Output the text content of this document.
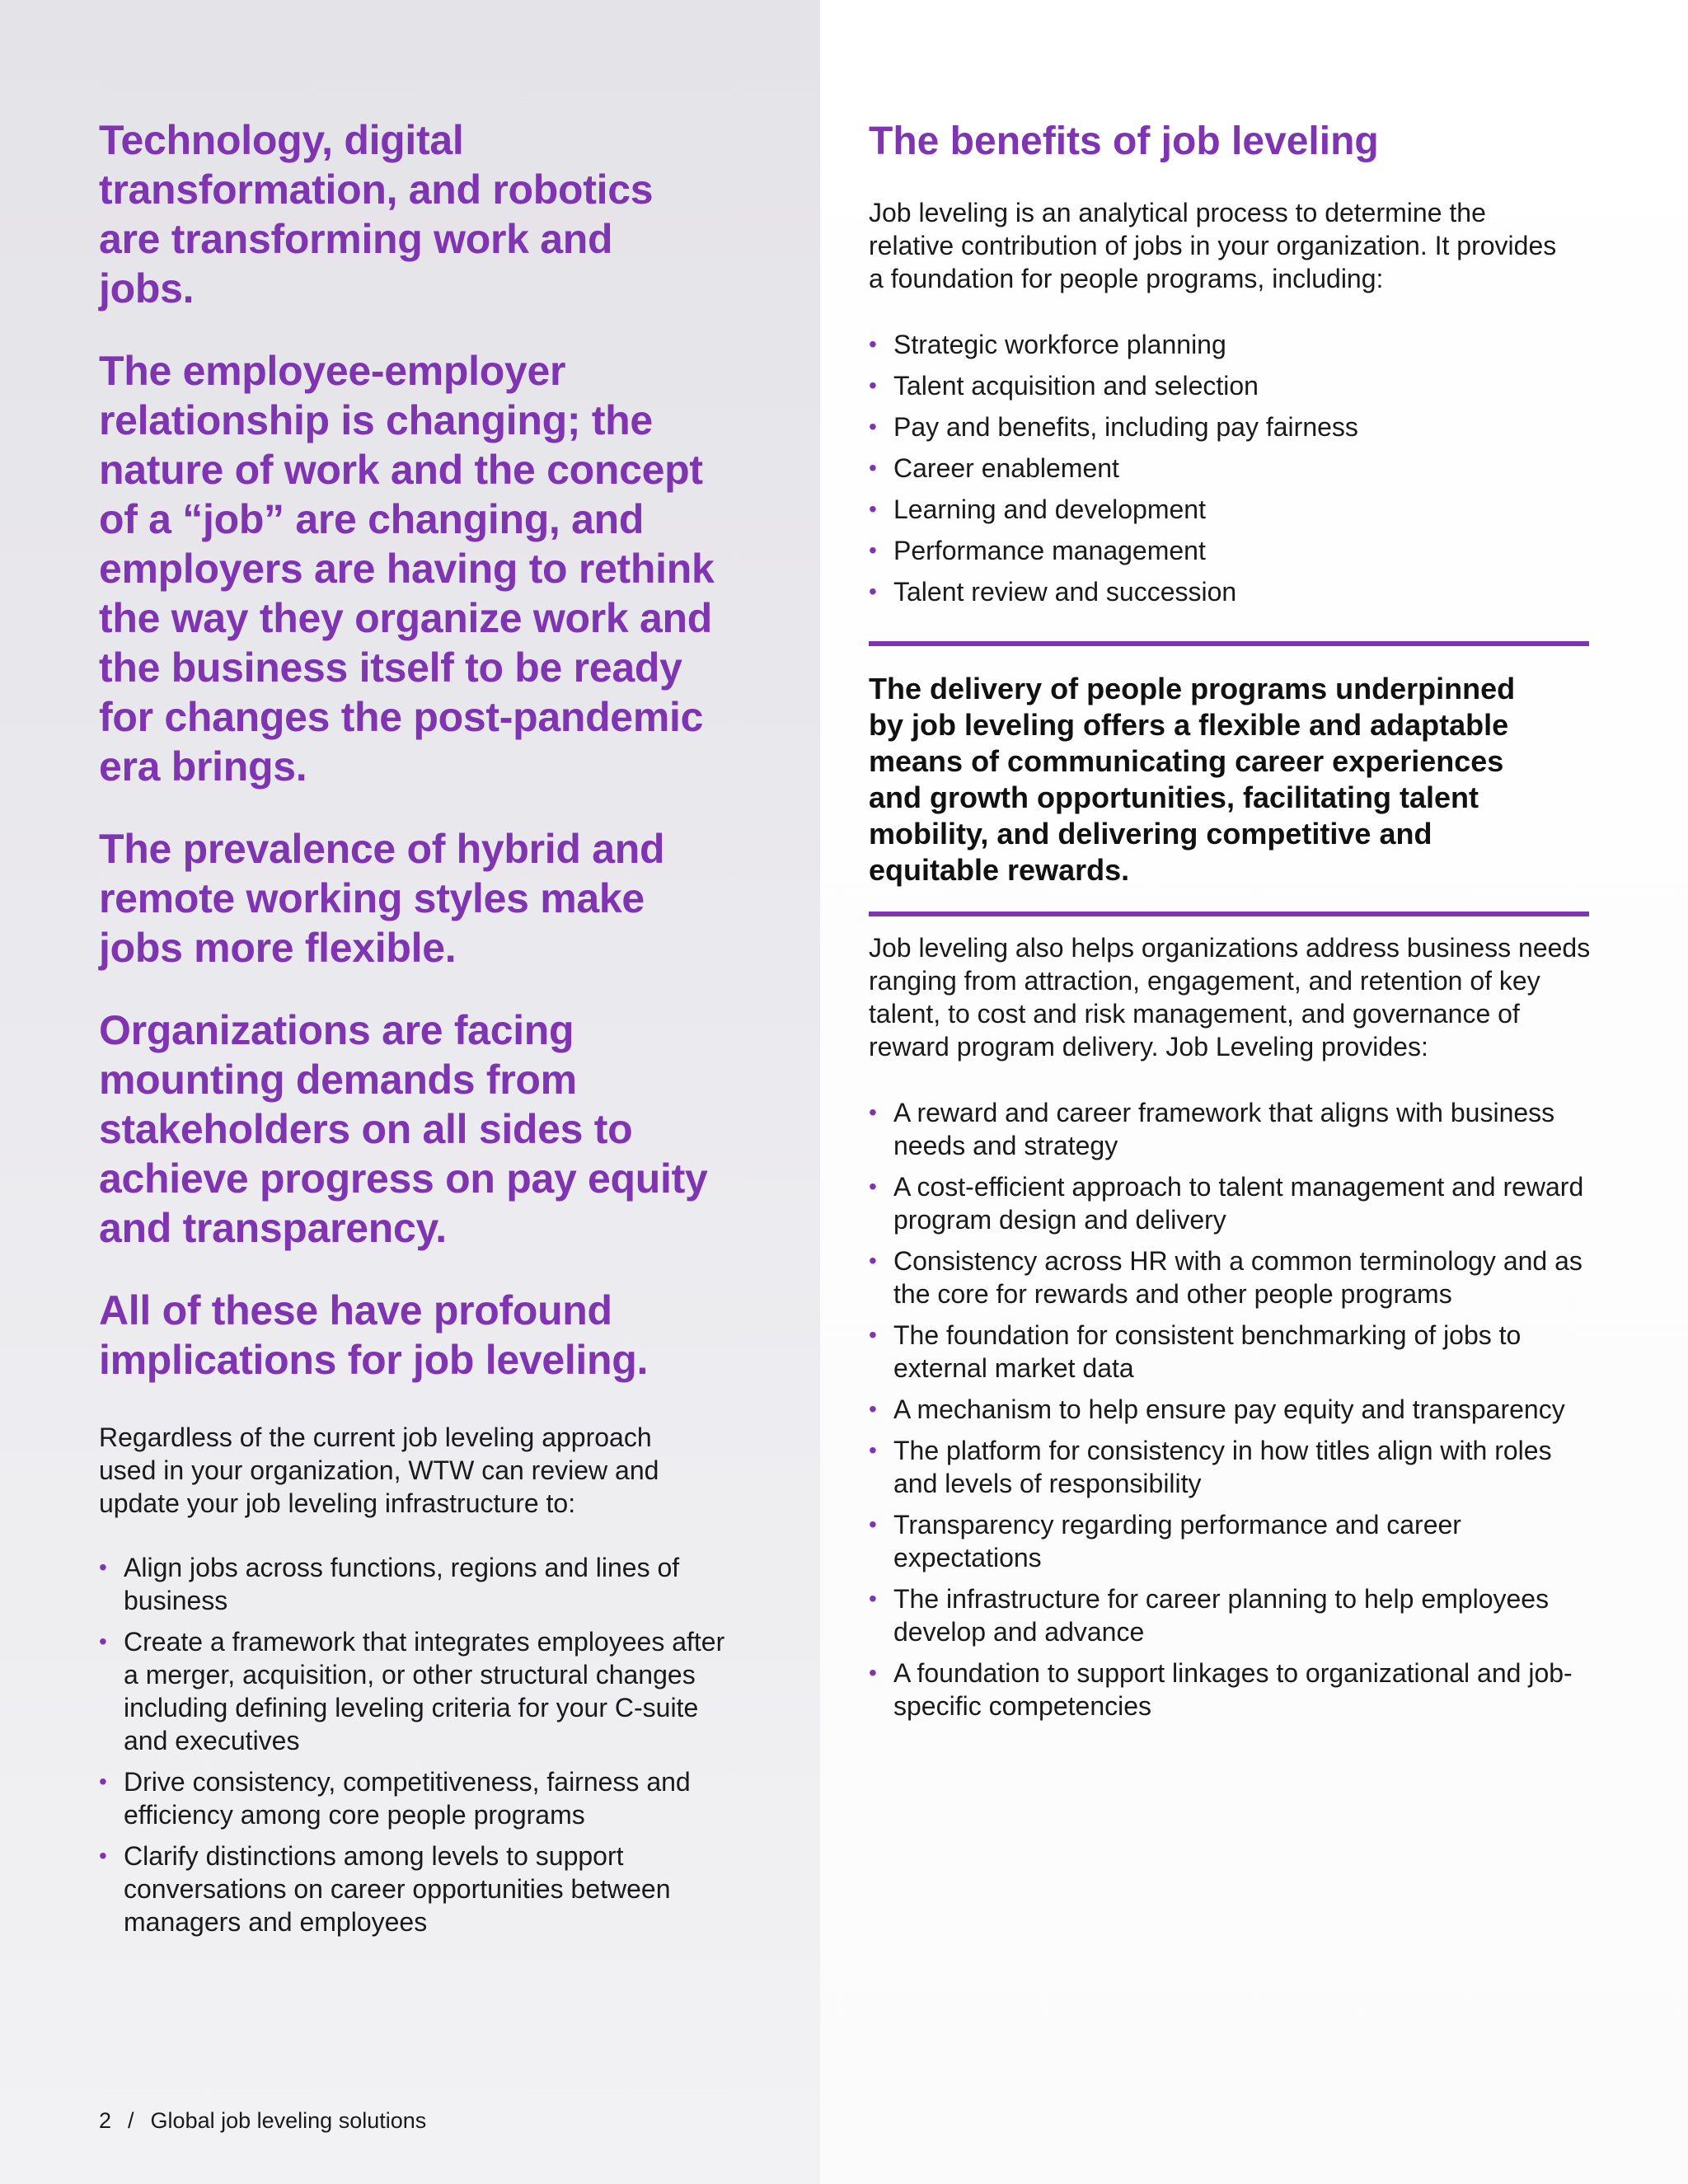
Technology, digital transformation, and robotics are transforming work and jobs.

The employee-employer relationship is changing; the nature of work and the concept of a “job” are changing, and employers are having to rethink the way they organize work and the business itself to be ready for changes the post-pandemic era brings.

The prevalence of hybrid and remote working styles make jobs more flexible.

Organizations are facing mounting demands from stakeholders on all sides to achieve progress on pay equity and transparency.

All of these have profound implications for job leveling.

Regardless of the current job leveling approach used in your organization, WTW can review and update your job leveling infrastructure to:

• Align jobs across functions, regions and lines of business
• Create a framework that integrates employees after a merger, acquisition, or other structural changes including defining leveling criteria for your C-suite and executives
• Drive consistency, competitiveness, fairness and efficiency among core people programs
• Clarify distinctions among levels to support conversations on career opportunities between managers and employees
2 / Global job leveling solutions
The benefits of job leveling

Job leveling is an analytical process to determine the relative contribution of jobs in your organization. It provides a foundation for people programs, including:

• Strategic workforce planning
• Talent acquisition and selection
• Pay and benefits, including pay fairness
• Career enablement
• Learning and development
• Performance management
• Talent review and succession

The delivery of people programs underpinned by job leveling offers a flexible and adaptable means of communicating career experiences and growth opportunities, facilitating talent mobility, and delivering competitive and equitable rewards.

Job leveling also helps organizations address business needs ranging from attraction, engagement, and retention of key talent, to cost and risk management, and governance of reward program delivery. Job Leveling provides:

• A reward and career framework that aligns with business needs and strategy
• A cost-efficient approach to talent management and reward program design and delivery
• Consistency across HR with a common terminology and as the core for rewards and other people programs
• The foundation for consistent benchmarking of jobs to external market data
• A mechanism to help ensure pay equity and transparency
• The platform for consistency in how titles align with roles and levels of responsibility
• Transparency regarding performance and career expectations
• The infrastructure for career planning to help employees develop and advance
• A foundation to support linkages to organizational and job-specific competencies
